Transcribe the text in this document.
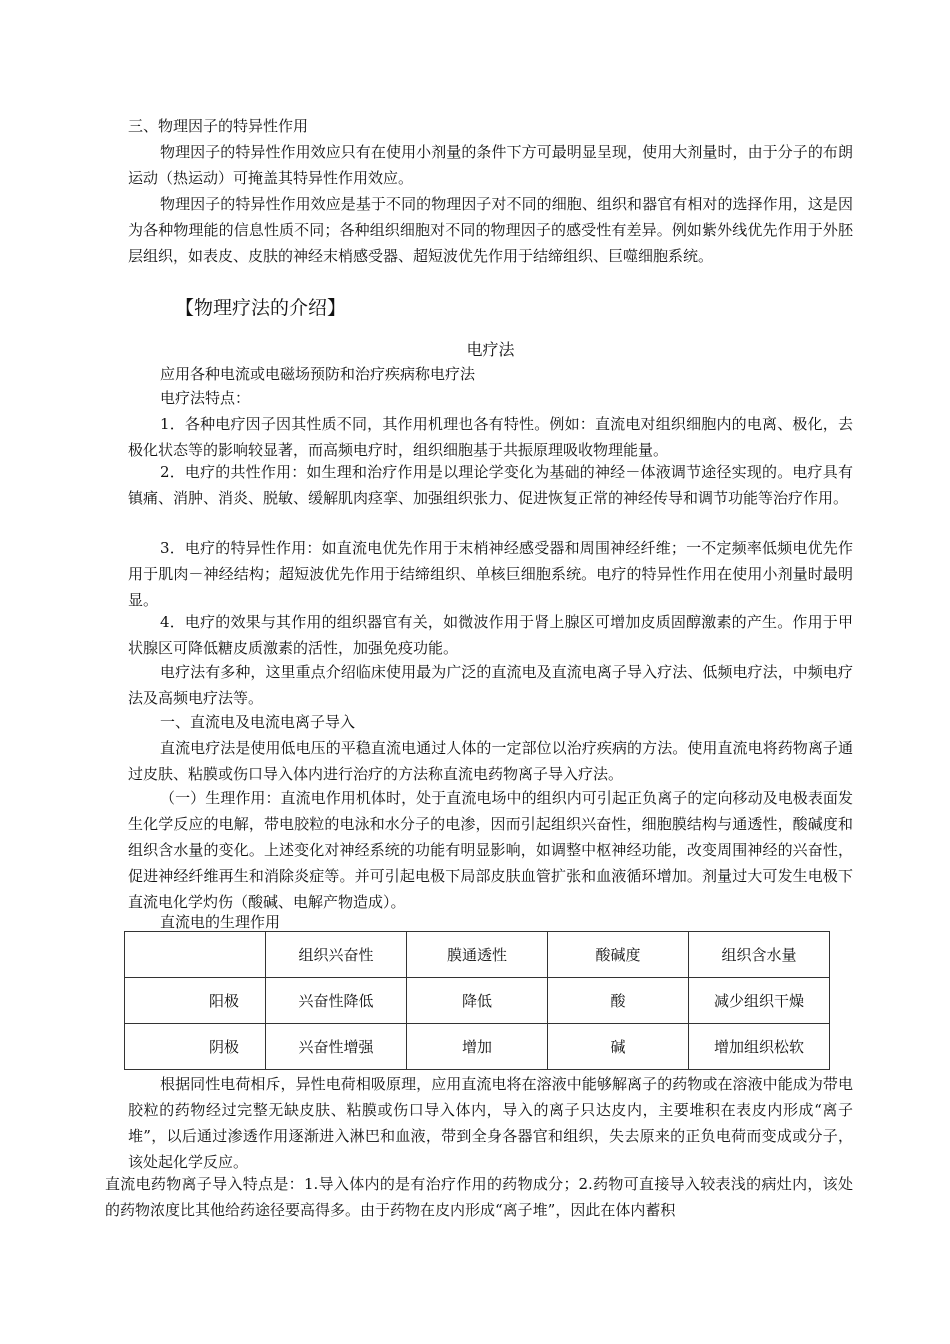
三、物理因子的特异性作用

物理因子的特异性作用效应只有在使用小剂量的条件下方可最明显呈现，使用大剂量时，由于分子的布朗运动（热运动）可掩盖其特异性作用效应。

物理因子的特异性作用效应是基于不同的物理因子对不同的细胞、组织和器官有相对的选择作用，这是因为各种物理能的信息性质不同；各种组织细胞对不同的物理因子的感受性有差异。例如紫外线优先作用于外胚层组织，如表皮、皮肤的神经末梢感受器、超短波优先作用于结缔组织、巨噬细胞系统。

【物理疗法的介绍】

电疗法

应用各种电流或电磁场预防和治疗疾病称电疗法

电疗法特点：

1．各种电疗因子因其性质不同，其作用机理也各有特性。例如：直流电对组织细胞内的电离、极化，去极化状态等的影响较显著，而高频电疗时，组织细胞基于共振原理吸收物理能量。

2．电疗的共性作用：如生理和治疗作用是以理论学变化为基础的神经－体液调节途径实现的。电疗具有镇痛、消肿、消炎、脱敏、缓解肌肉痉挛、加强组织张力、促进恢复正常的神经传导和调节功能等治疗作用。

3．电疗的特异性作用：如直流电优先作用于末梢神经感受器和周围神经纤维；一不定频率低频电优先作用于肌肉－神经结构；超短波优先作用于结缔组织、单核巨细胞系统。电疗的特异性作用在使用小剂量时最明显。

4．电疗的效果与其作用的组织器官有关，如微波作用于肾上腺区可增加皮质固醇激素的产生。作用于甲状腺区可降低糖皮质激素的活性，加强免疫功能。

电疗法有多种，这里重点介绍临床使用最为广泛的直流电及直流电离子导入疗法、低频电疗法，中频电疗法及高频电疗法等。

一、直流电及电流电离子导入

直流电疗法是使用低电压的平稳直流电通过人体的一定部位以治疗疾病的方法。使用直流电将药物离子通过皮肤、粘膜或伤口导入体内进行治疗的方法称直流电药物离子导入疗法。

（一）生理作用：直流电作用机体时，处于直流电场中的组织内可引起正负离子的定向移动及电极表面发生化学反应的电解，带电胶粒的电泳和水分子的电渗，因而引起组织兴奋性，细胞膜结构与通透性，酸碱度和组织含水量的变化。上述变化对神经系统的功能有明显影响，如调整中枢神经功能，改变周围神经的兴奋性，促进神经纤维再生和消除炎症等。并可引起电极下局部皮肤血管扩张和血液循环增加。剂量过大可发生电极下直流电化学灼伤（酸碱、电解产物造成）。

直流电的生理作用

	组织兴奋性	膜通透性	酸碱度	组织含水量
阳极	兴奋性降低	降低	酸	减少组织干燥
阴极	兴奋性增强	增加	碱	增加组织松软

根据同性电荷相斥，异性电荷相吸原理，应用直流电将在溶液中能够解离子的药物或在溶液中能成为带电胶粒的药物经过完整无缺皮肤、粘膜或伤口导入体内，导入的离子只达皮内，主要堆积在表皮内形成“离子堆”，以后通过渗透作用逐渐进入淋巴和血液，带到全身各器官和组织，失去原来的正负电荷而变成或分子，该处起化学反应。

直流电药物离子导入特点是：1.导入体内的是有治疗作用的药物成分；2.药物可直接导入较表浅的病灶内，该处的药物浓度比其他给药途径要高得多。由于药物在皮内形成“离子堆”，因此在体内蓄积
